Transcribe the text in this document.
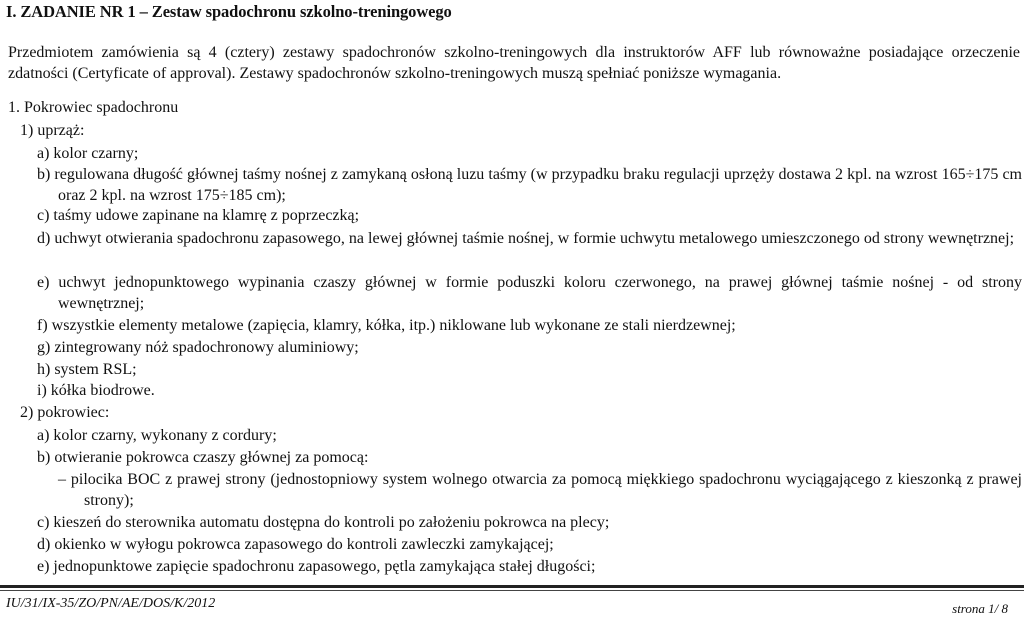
I. ZADANIE NR 1 – Zestaw spadochronu szkolno-treningowego
Przedmiotem zamówienia są 4 (cztery) zestawy spadochronów szkolno-treningowych dla instruktorów AFF lub równoważne posiadające orzeczenie zdatności (Certyficate of approval). Zestawy spadochronów szkolno-treningowych muszą spełniać poniższe wymagania.
1. Pokrowiec spadochronu
1) uprząż:
a) kolor czarny;
b) regulowana długość głównej taśmy nośnej z zamykaną osłoną luzu taśmy (w przypadku braku regulacji uprzęży dostawa 2 kpl. na wzrost 165÷175 cm oraz 2 kpl. na wzrost 175÷185 cm);
c) taśmy udowe zapinane na klamrę z poprzeczką;
d) uchwyt otwierania spadochronu zapasowego, na lewej głównej taśmie nośnej, w formie uchwytu metalowego umieszczonego od strony wewnętrznej;
e) uchwyt jednopunktowego wypinania czaszy głównej w formie poduszki koloru czerwonego, na prawej głównej taśmie nośnej - od strony wewnętrznej;
f) wszystkie elementy metalowe (zapięcia, klamry, kółka, itp.) niklowane lub wykonane ze stali nierdzewnej;
g) zintegrowany nóż spadochronowy aluminiowy;
h) system RSL;
i) kółka biodrowe.
2) pokrowiec:
a) kolor czarny, wykonany z cordury;
b) otwieranie pokrowca czaszy głównej za pomocą:
– pilocika BOC z prawej strony (jednostopniowy system wolnego otwarcia za pomocą miękkiego spadochronu wyciągającego z kieszonką z prawej strony);
c) kieszeń do sterownika automatu dostępna do kontroli po założeniu pokrowca na plecy;
d) okienko w wyłogu pokrowca zapasowego do kontroli zawleczki zamykającej;
e) jednopunktowe zapięcie spadochronu zapasowego, pętla zamykająca stałej długości;
IU/31/IX-35/ZO/PN/AE/DOS/K/2012	strona 1/ 8
